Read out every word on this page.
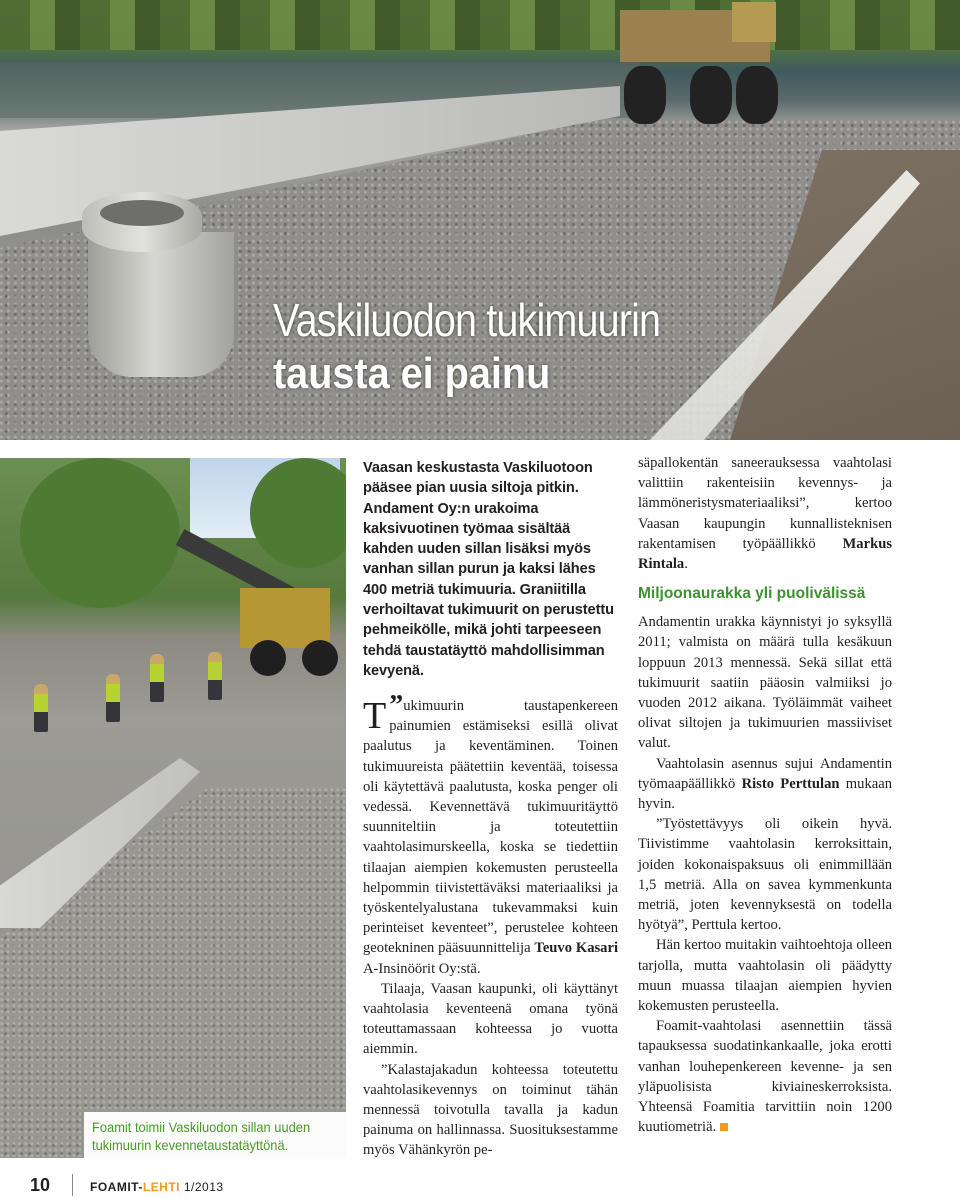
Vaskiluodon tukimuurin
tausta ei painu
Foamit toimii Vaskiluodon sillan uuden
tukimuurin kevennetaustatäyttönä.
Vaasan keskustasta Vaskiluotoon pääsee pian uusia siltoja pitkin. Andament Oy:n urakoima kaksivuotinen työmaa sisältää kahden uuden sillan lisäksi myös vanhan sillan purun ja kaksi lähes 400 metriä tukimuuria. Graniitilla verhoiltavat tukimuurit on perustettu pehmeikölle, mikä johti tarpeeseen tehdä taustatäyttö mahdollisimman kevyenä.

”
T ukimuurin taustapenkereen painumien estämiseksi esillä olivat paalutus ja keventäminen. Toinen tukimuureista päätettiin keventää, toisessa oli käytettävä paalutusta, koska penger oli vedessä. Kevennettävä tukimuuritäyttö suunniteltiin ja toteutettiin vaahtolasimurskeella, koska se tiedettiin tilaajan aiempien kokemusten perusteella helpommin tiivistettäväksi materiaaliksi ja työskentelyalustana tukevammaksi kuin perinteiset keventeet”, perustelee kohteen geotekninen pääsuunnittelija Teuvo Kasari A-Insinöörit Oy:stä.

Tilaaja, Vaasan kaupunki, oli käyttänyt vaahtolasia keventeenä omana työnä toteuttamassaan kohteessa jo vuotta aiemmin.

”Kalastajakadun kohteessa toteutettu vaahtolasikevennys on toiminut tähän mennessä toivotulla tavalla ja kadun painuma on hallinnassa. Suosituksestamme myös Vähänkyrön pe-

säpallokentän saneerauksessa vaahtolasi valittiin rakenteisiin kevennys- ja lämmöneristysmateriaaliksi”, kertoo Vaasan kaupungin kunnallisteknisen rakentamisen työpäällikkö Markus Rintala.

Miljoonaurakka yli puolivälissä

Andamentin urakka käynnistyi jo syksyllä 2011; valmista on määrä tulla kesäkuun loppuun 2013 mennessä. Sekä sillat että tukimuurit saatiin pääosin valmiiksi jo vuoden 2012 aikana. Työläimmät vaiheet olivat siltojen ja tukimuurien massiiviset valut.

Vaahtolasin asennus sujui Andamentin työmaapäällikkö Risto Perttulan mukaan hyvin.

”Työstettävyys oli oikein hyvä. Tiivistimme vaahtolasin kerroksittain, joiden kokonaispaksuus oli enimmillään 1,5 metriä. Alla on savea kymmenkunta metriä, joten kevennyksestä on todella hyötyä”, Perttula kertoo.

Hän kertoo muitakin vaihtoehtoja olleen tarjolla, mutta vaahtolasin oli päädytty muun muassa tilaajan aiempien hyvien kokemusten perusteella.

Foamit-vaahtolasi asennettiin tässä tapauksessa suodatinkankaalle, joka erotti vanhan louhepenkereen kevenne- ja sen yläpuolisista kiviaineskerroksista. Yhteensä Foamitia tarvittiin noin 1200 kuutiometriä.

10	FOAMIT-LEHTI 1/2013
